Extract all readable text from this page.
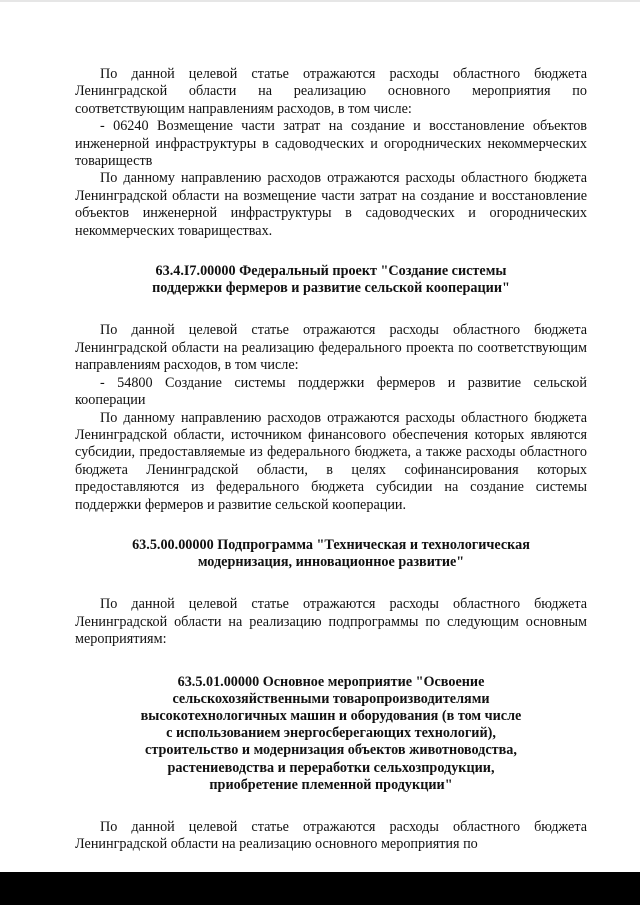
По данной целевой статье отражаются расходы областного бюджета Ленинградской области на реализацию основного мероприятия по соответствующим направлениям расходов, в том числе:

- 06240 Возмещение части затрат на создание и восстановление объектов инженерной инфраструктуры в садоводческих и огороднических некоммерческих товариществ

По данному направлению расходов отражаются расходы областного бюджета Ленинградской области на возмещение части затрат на создание и восстановление объектов инженерной инфраструктуры в садоводческих и огороднических некоммерческих товариществах.

63.4.I7.00000 Федеральный проект "Создание системы

поддержки фермеров и развитие сельской кооперации"

По данной целевой статье отражаются расходы областного бюджета Ленинградской области на реализацию федерального проекта по соответствующим направлениям расходов, в том числе:

- 54800 Создание системы поддержки фермеров и развитие сельской кооперации

По данному направлению расходов отражаются расходы областного бюджета Ленинградской области, источником финансового обеспечения которых являются субсидии, предоставляемые из федерального бюджета, а также расходы областного бюджета Ленинградской области, в целях софинансирования которых предоставляются из федерального бюджета субсидии на создание системы поддержки фермеров и развитие сельской кооперации.

63.5.00.00000 Подпрограмма "Техническая и технологическая

модернизация, инновационное развитие"

По данной целевой статье отражаются расходы областного бюджета Ленинградской области на реализацию подпрограммы по следующим основным мероприятиям:

63.5.01.00000 Основное мероприятие "Освоение

сельскохозяйственными товаропроизводителями

высокотехнологичных машин и оборудования (в том числе

с использованием энергосберегающих технологий),

строительство и модернизация объектов животноводства,

растениеводства и переработки сельхозпродукции,

приобретение племенной продукции"

По данной целевой статье отражаются расходы областного бюджета Ленинградской области на реализацию основного мероприятия по
